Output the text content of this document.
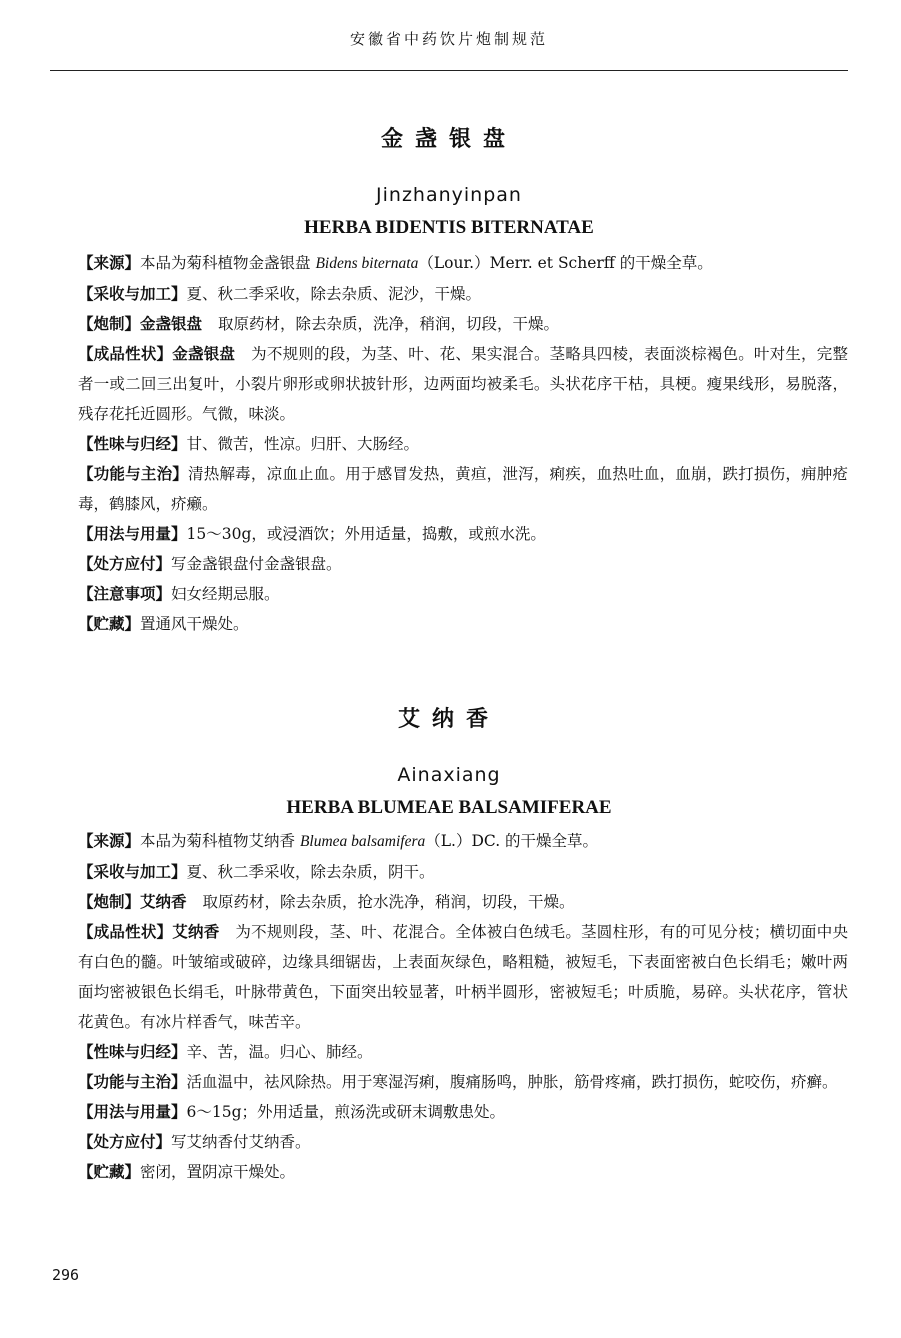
安徽省中药饮片炮制规范
金盏银盘
Jinzhanyinpan
HERBA BIDENTIS BITERNATAE

【来源】本品为菊科植物金盏银盘 Bidens biternata（Lour.）Merr. et Scherff 的干燥全草。

【采收与加工】夏、秋二季采收，除去杂质、泥沙，干燥。

【炮制】金盏银盘 取原药材，除去杂质，洗净，稍润，切段，干燥。

【成品性状】金盏银盘 为不规则的段，为茎、叶、花、果实混合。茎略具四棱，表面淡棕褐色。叶对生，完整者一或二回三出复叶，小裂片卵形或卵状披针形，边两面均被柔毛。头状花序干枯，具梗。瘦果线形，易脱落，残存花托近圆形。气微，味淡。

【性味与归经】甘、微苦，性凉。归肝、大肠经。

【功能与主治】清热解毒，凉血止血。用于感冒发热，黄疸，泄泻，痢疾，血热吐血，血崩，跌打损伤，痈肿疮毒，鹤膝风，疥癞。

【用法与用量】15～30g，或浸酒饮；外用适量，捣敷，或煎水洗。

【处方应付】写金盏银盘付金盏银盘。

【注意事项】妇女经期忌服。

【贮藏】置通风干燥处。

艾纳香
Ainaxiang
HERBA BLUMEAE BALSAMIFERAE

【来源】本品为菊科植物艾纳香 Blumea balsamifera（L.）DC. 的干燥全草。

【采收与加工】夏、秋二季采收，除去杂质，阴干。

【炮制】艾纳香 取原药材，除去杂质，抢水洗净，稍润，切段，干燥。

【成品性状】艾纳香 为不规则段，茎、叶、花混合。全体被白色绒毛。茎圆柱形，有的可见分枝；横切面中央有白色的髓。叶皱缩或破碎，边缘具细锯齿，上表面灰绿色，略粗糙，被短毛，下表面密被白色长绢毛；嫩叶两面均密被银色长绢毛，叶脉带黄色，下面突出较显著，叶柄半圆形，密被短毛；叶质脆，易碎。头状花序，管状花黄色。有冰片样香气，味苦辛。

【性味与归经】辛、苦，温。归心、肺经。

【功能与主治】活血温中，祛风除热。用于寒湿泻痢，腹痛肠鸣，肿胀，筋骨疼痛，跌打损伤，蛇咬伤，疥癣。

【用法与用量】6～15g；外用适量，煎汤洗或研末调敷患处。

【处方应付】写艾纳香付艾纳香。

【贮藏】密闭，置阴凉干燥处。

296
